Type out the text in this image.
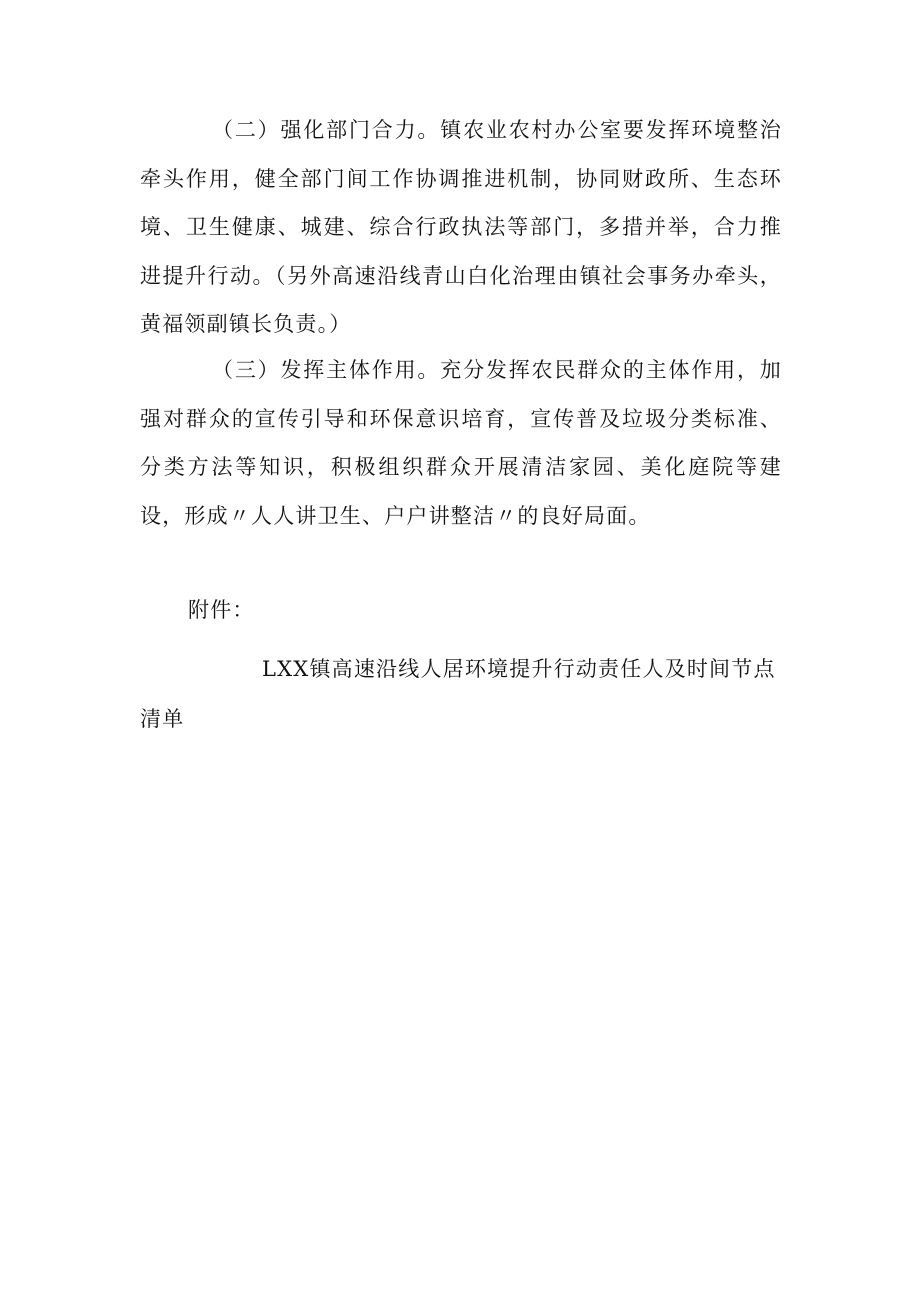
（二）强化部门合力。镇农业农村办公室要发挥环境整治牵头作用，健全部门间工作协调推进机制，协同财政所、生态环境、卫生健康、城建、综合行政执法等部门，多措并举，合力推进提升行动。（另外高速沿线青山白化治理由镇社会事务办牵头，黄福领副镇长负责。）

（三）发挥主体作用。充分发挥农民群众的主体作用，加强对群众的宣传引导和环保意识培育，宣传普及垃圾分类标准、分类方法等知识，积极组织群众开展清洁家园、美化庭院等建设，形成〃人人讲卫生、户户讲整洁〃的良好局面。

附件：

LXX镇高速沿线人居环境提升行动责任人及时间节点清单
